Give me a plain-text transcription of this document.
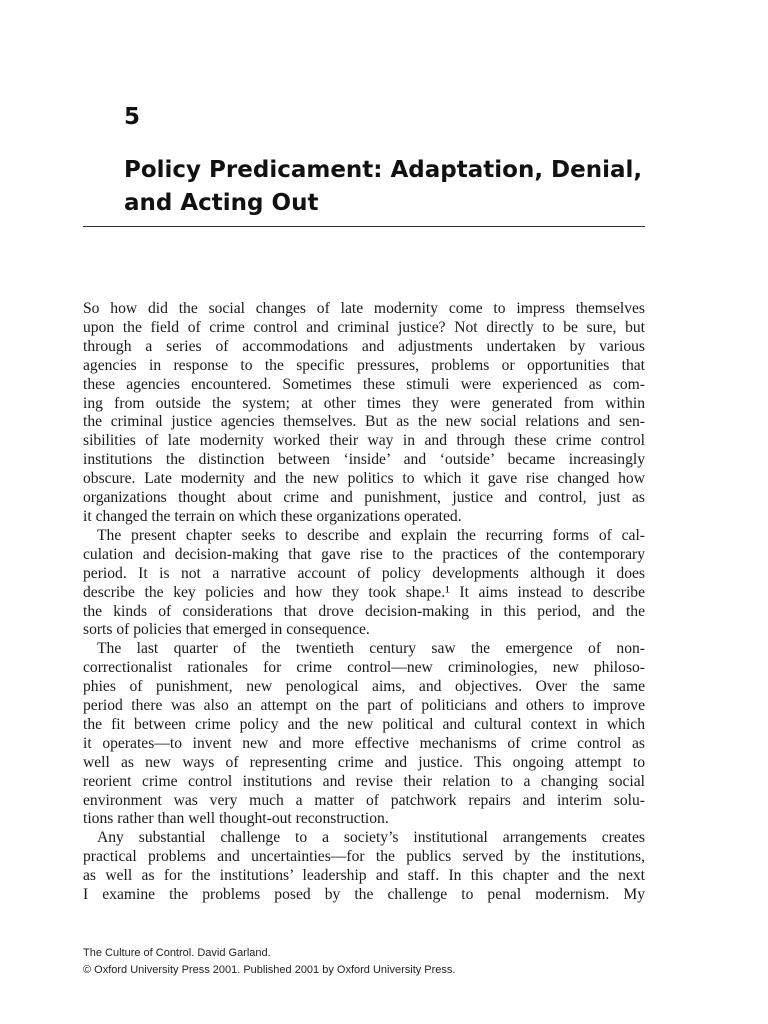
5
Policy Predicament: Adaptation, Denial,
and Acting Out
So how did the social changes of late modernity come to impress themselves
upon the field of crime control and criminal justice? Not directly to be sure, but
through a series of accommodations and adjustments undertaken by various
agencies in response to the specific pressures, problems or opportunities that
these agencies encountered. Sometimes these stimuli were experienced as com-
ing from outside the system; at other times they were generated from within
the criminal justice agencies themselves. But as the new social relations and sen-
sibilities of late modernity worked their way in and through these crime control
institutions the distinction between ‘inside’ and ‘outside’ became increasingly
obscure. Late modernity and the new politics to which it gave rise changed how
organizations thought about crime and punishment, justice and control, just as
it changed the terrain on which these organizations operated.
The present chapter seeks to describe and explain the recurring forms of cal-
culation and decision-making that gave rise to the practices of the contemporary
period. It is not a narrative account of policy developments although it does
describe the key policies and how they took shape.¹ It aims instead to describe
the kinds of considerations that drove decision-making in this period, and the
sorts of policies that emerged in consequence.
The last quarter of the twentieth century saw the emergence of non-
correctionalist rationales for crime control—new criminologies, new philoso-
phies of punishment, new penological aims, and objectives. Over the same
period there was also an attempt on the part of politicians and others to improve
the fit between crime policy and the new political and cultural context in which
it operates—to invent new and more effective mechanisms of crime control as
well as new ways of representing crime and justice. This ongoing attempt to
reorient crime control institutions and revise their relation to a changing social
environment was very much a matter of patchwork repairs and interim solu-
tions rather than well thought-out reconstruction.
Any substantial challenge to a society’s institutional arrangements creates
practical problems and uncertainties—for the publics served by the institutions,
as well as for the institutions’ leadership and staff. In this chapter and the next
I examine the problems posed by the challenge to penal modernism. My
The Culture of Control. David Garland.
© Oxford University Press 2001. Published 2001 by Oxford University Press.
